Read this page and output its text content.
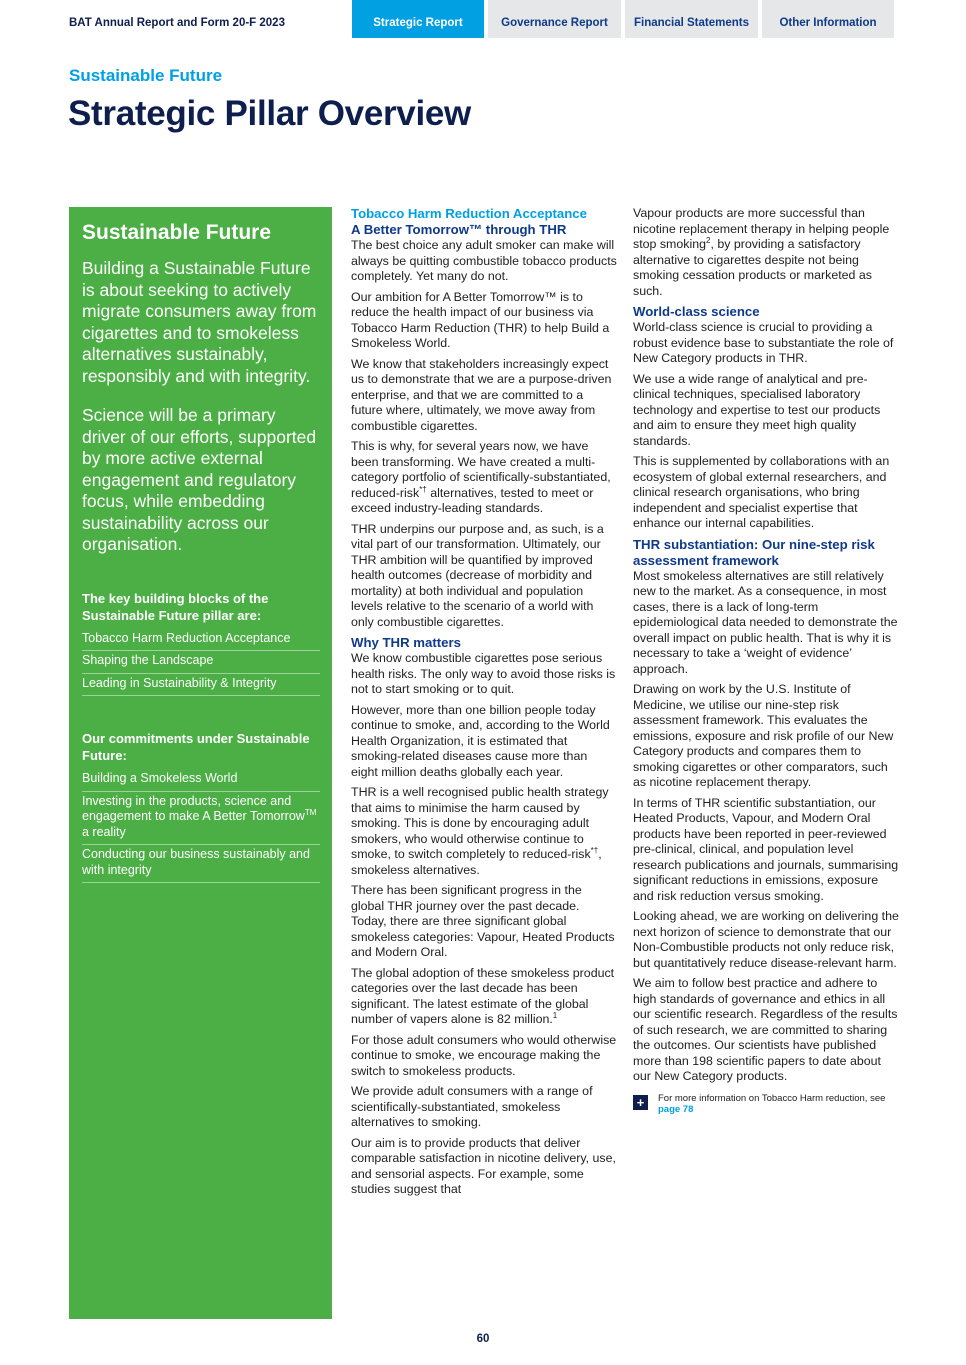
BAT Annual Report and Form 20-F 2023	Strategic Report	Governance Report	Financial Statements	Other Information
Sustainable Future
Strategic Pillar Overview
Sustainable Future

Building a Sustainable Future is about seeking to actively migrate consumers away from cigarettes and to smokeless alternatives sustainably, responsibly and with integrity.

Science will be a primary driver of our efforts, supported by more active external engagement and regulatory focus, while embedding sustainability across our organisation.

The key building blocks of the Sustainable Future pillar are:
Tobacco Harm Reduction Acceptance
Shaping the Landscape
Leading in Sustainability & Integrity
Our commitments under Sustainable Future:
Building a Smokeless World
Investing in the products, science and engagement to make A Better Tomorrow™ a reality
Conducting our business sustainably and with integrity
Tobacco Harm Reduction Acceptance
A Better Tomorrow™ through THR

The best choice any adult smoker can make will always be quitting combustible tobacco products completely. Yet many do not.

Our ambition for A Better Tomorrow™ is to reduce the health impact of our business via Tobacco Harm Reduction (THR) to help Build a Smokeless World.

We know that stakeholders increasingly expect us to demonstrate that we are a purpose-driven enterprise, and that we are committed to a future where, ultimately, we move away from combustible cigarettes.

This is why, for several years now, we have been transforming. We have created a multi-category portfolio of scientifically-substantiated, reduced-risk*† alternatives, tested to meet or exceed industry-leading standards.

THR underpins our purpose and, as such, is a vital part of our transformation. Ultimately, our THR ambition will be quantified by improved health outcomes (decrease of morbidity and mortality) at both individual and population levels relative to the scenario of a world with only combustible cigarettes.

Why THR matters

We know combustible cigarettes pose serious health risks. The only way to avoid those risks is not to start smoking or to quit.

However, more than one billion people today continue to smoke, and, according to the World Health Organization, it is estimated that smoking-related diseases cause more than eight million deaths globally each year.

THR is a well recognised public health strategy that aims to minimise the harm caused by smoking. This is done by encouraging adult smokers, who would otherwise continue to smoke, to switch completely to reduced-risk*†, smokeless alternatives.

There has been significant progress in the global THR journey over the past decade. Today, there are three significant global smokeless categories: Vapour, Heated Products and Modern Oral.

The global adoption of these smokeless product categories over the last decade has been significant. The latest estimate of the global number of vapers alone is 82 million.$^1$

For those adult consumers who would otherwise continue to smoke, we encourage making the switch to smokeless products.

We provide adult consumers with a range of scientifically-substantiated, smokeless alternatives to smoking.

Our aim is to provide products that deliver comparable satisfaction in nicotine delivery, use, and sensorial aspects. For example, some studies suggest that

Vapour products are more successful than nicotine replacement therapy in helping people stop smoking$^2$, by providing a satisfactory alternative to cigarettes despite not being smoking cessation products or marketed as such.

World-class science

World-class science is crucial to providing a robust evidence base to substantiate the role of New Category products in THR.

We use a wide range of analytical and pre-clinical techniques, specialised laboratory technology and expertise to test our products and aim to ensure they meet high quality standards.

This is supplemented by collaborations with an ecosystem of global external researchers, and clinical research organisations, who bring independent and specialist expertise that enhance our internal capabilities.

THR substantiation: Our nine-step risk assessment framework

Most smokeless alternatives are still relatively new to the market. As a consequence, in most cases, there is a lack of long-term epidemiological data needed to demonstrate the overall impact on public health. That is why it is necessary to take a ‘weight of evidence’ approach.

Drawing on work by the U.S. Institute of Medicine, we utilise our nine-step risk assessment framework. This evaluates the emissions, exposure and risk profile of our New Category products and compares them to smoking cigarettes or other comparators, such as nicotine replacement therapy.

In terms of THR scientific substantiation, our Heated Products, Vapour, and Modern Oral products have been reported in peer-reviewed pre-clinical, clinical, and population level research publications and journals, summarising significant reductions in emissions, exposure and risk reduction versus smoking.

Looking ahead, we are working on delivering the next horizon of science to demonstrate that our Non-Combustible products not only reduce risk, but quantitatively reduce disease-relevant harm.

We aim to follow best practice and adhere to high standards of governance and ethics in all our scientific research. Regardless of the results of such research, we are committed to sharing the outcomes. Our scientists have published more than 198 scientific papers to date about our New Category products.

+	For more information on Tobacco Harm reduction, see page 78
60
